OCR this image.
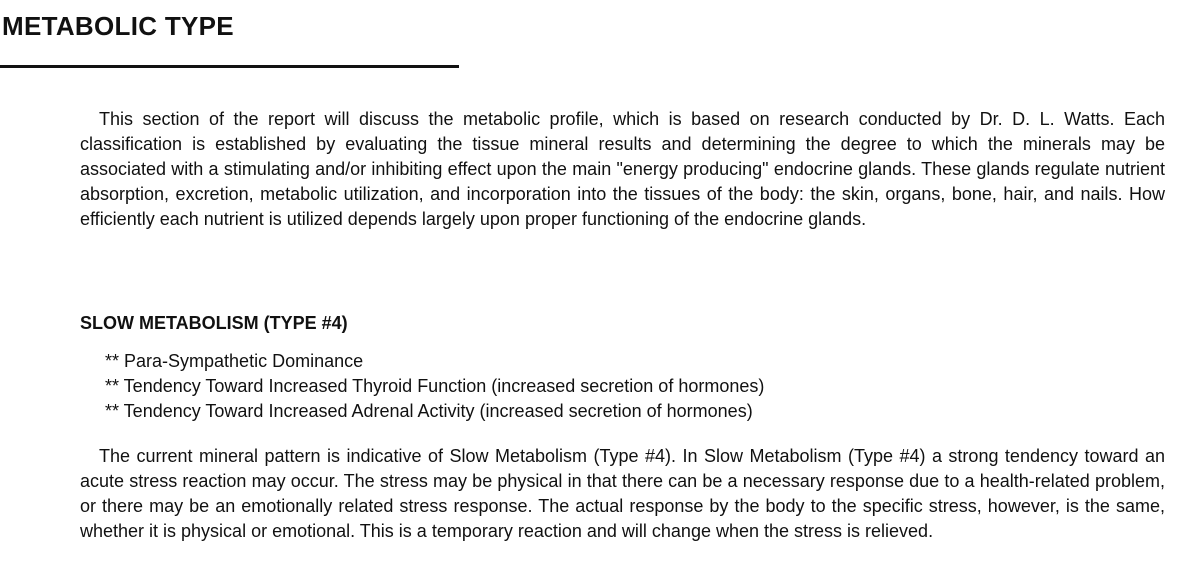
METABOLIC TYPE

This section of the report will discuss the metabolic profile, which is based on research conducted by Dr. D. L. Watts. Each classification is established by evaluating the tissue mineral results and determining the degree to which the minerals may be associated with a stimulating and/or inhibiting effect upon the main "energy producing" endocrine glands. These glands regulate nutrient absorption, excretion, metabolic utilization, and incorporation into the tissues of the body: the skin, organs, bone, hair, and nails. How efficiently each nutrient is utilized depends largely upon proper functioning of the endocrine glands.

SLOW METABOLISM (TYPE #4)
** Para-Sympathetic Dominance
** Tendency Toward Increased Thyroid Function (increased secretion of hormones)
** Tendency Toward Increased Adrenal Activity (increased secretion of hormones)

The current mineral pattern is indicative of Slow Metabolism (Type #4). In Slow Metabolism (Type #4) a strong tendency toward an acute stress reaction may occur. The stress may be physical in that there can be a necessary response due to a health-related problem, or there may be an emotionally related stress response. The actual response by the body to the specific stress, however, is the same, whether it is physical or emotional. This is a temporary reaction and will change when the stress is relieved.
